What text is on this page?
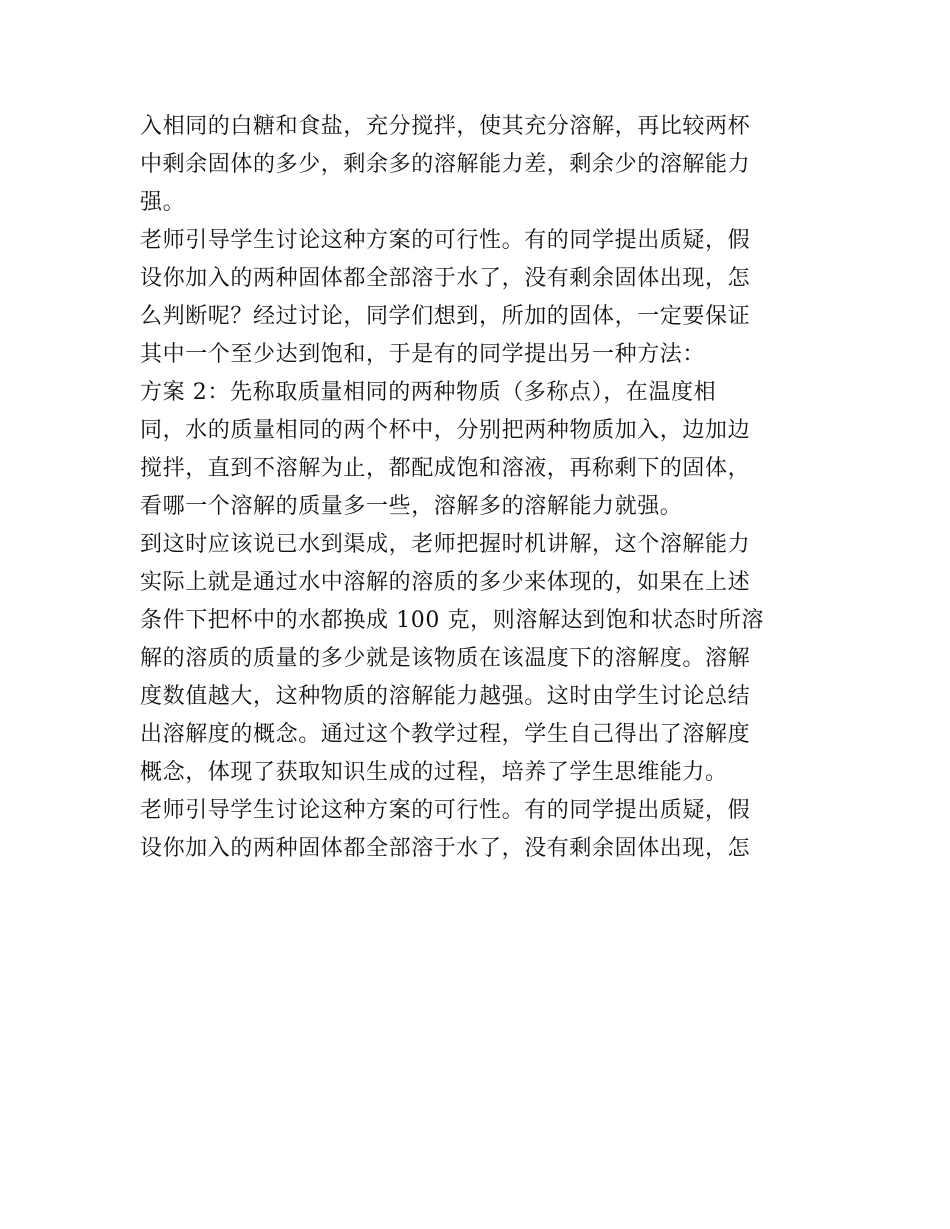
入相同的白糖和食盐，充分搅拌，使其充分溶解，再比较两杯
中剩余固体的多少，剩余多的溶解能力差，剩余少的溶解能力
强。
老师引导学生讨论这种方案的可行性。有的同学提出质疑，假
设你加入的两种固体都全部溶于水了，没有剩余固体出现，怎
么判断呢？经过讨论，同学们想到，所加的固体，一定要保证
其中一个至少达到饱和，于是有的同学提出另一种方法：
方案 2：先称取质量相同的两种物质（多称点），在温度相
同，水的质量相同的两个杯中，分别把两种物质加入，边加边
搅拌，直到不溶解为止，都配成饱和溶液，再称剩下的固体，
看哪一个溶解的质量多一些，溶解多的溶解能力就强。
到这时应该说已水到渠成，老师把握时机讲解，这个溶解能力
实际上就是通过水中溶解的溶质的多少来体现的，如果在上述
条件下把杯中的水都换成 100 克，则溶解达到饱和状态时所溶
解的溶质的质量的多少就是该物质在该温度下的溶解度。溶解
度数值越大，这种物质的溶解能力越强。这时由学生讨论总结
出溶解度的概念。通过这个教学过程，学生自己得出了溶解度
概念，体现了获取知识生成的过程，培养了学生思维能力。
老师引导学生讨论这种方案的可行性。有的同学提出质疑，假
设你加入的两种固体都全部溶于水了，没有剩余固体出现，怎
